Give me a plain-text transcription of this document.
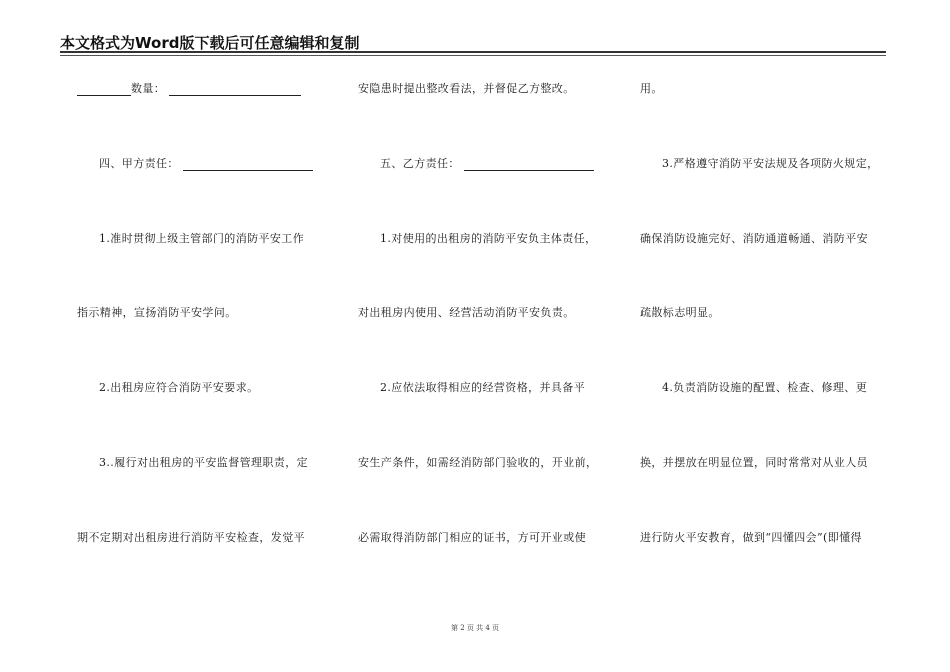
本文格式为Word版下载后可任意编辑和复制
数量：
四、甲方责任：
1.准时贯彻上级主管部门的消防平安工作
指示精神，宣扬消防平安学问。
2.出租房应符合消防平安要求。
3..履行对出租房的平安监督管理职责，定
期不定期对出租房进行消防平安检查，发觉平
安隐患时提出整改看法，并督促乙方整改。
五、乙方责任：
1.对使用的出租房的消防平安负主体责任，
对出租房内使用、经营活动消防平安负责。
2.应依法取得相应的经营资格，并具备平
安生产条件，如需经消防部门验收的，开业前，
必需取得消防部门相应的证书，方可开业或使
用。
3.严格遵守消防平安法规及各项防火规定，
确保消防设施完好、消防通道畅通、消防平安
疏散标志明显。
4.负责消防设施的配置、检查、修理、更
换，并摆放在明显位置，同时常常对从业人员
进行防火平安教育，做到“四懂四会”(即懂得
第 2 页 共 4 页
